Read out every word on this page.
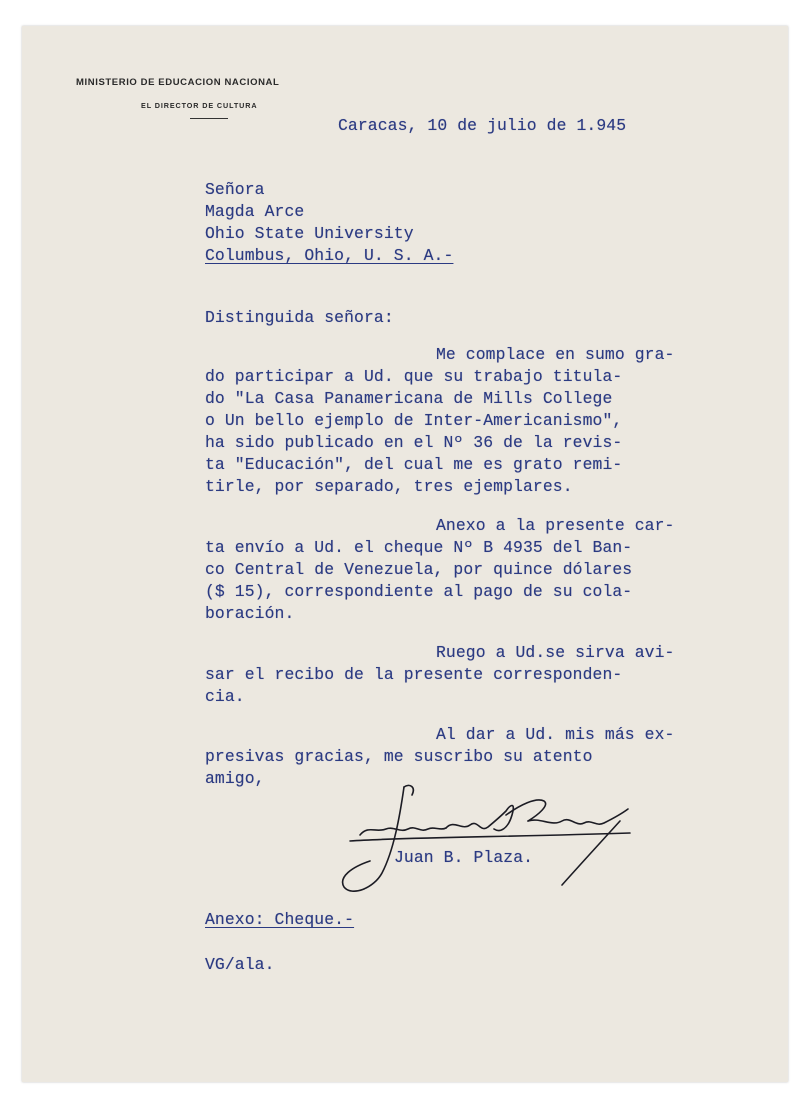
MINISTERIO DE EDUCACION NACIONAL
EL DIRECTOR DE CULTURA
Caracas, 10 de julio de 1.945
Señora
Magda Arce
Ohio State University
Columbus, Ohio, U. S. A.-
Distinguida señora:
Me complace en sumo gra-
do participar a Ud. que su trabajo titula-
do "La Casa Panamericana de Mills College
o Un bello ejemplo de Inter-Americanismo",
ha sido publicado en el Nº 36 de la revis-
ta "Educación", del cual me es grato remi-
tirle, por separado, tres ejemplares.
Anexo a la presente car-
ta envío a Ud. el cheque Nº B 4935 del Ban-
co Central de Venezuela, por quince dólares
($ 15), correspondiente al pago de su cola-
boración.
Ruego a Ud.se sirva avi-
sar el recibo de la presente corresponden-
cia.
Al dar a Ud. mis más ex-
presivas gracias, me suscribo su atento
amigo,
Juan B. Plaza.
Anexo: Cheque.-
VG/ala.
